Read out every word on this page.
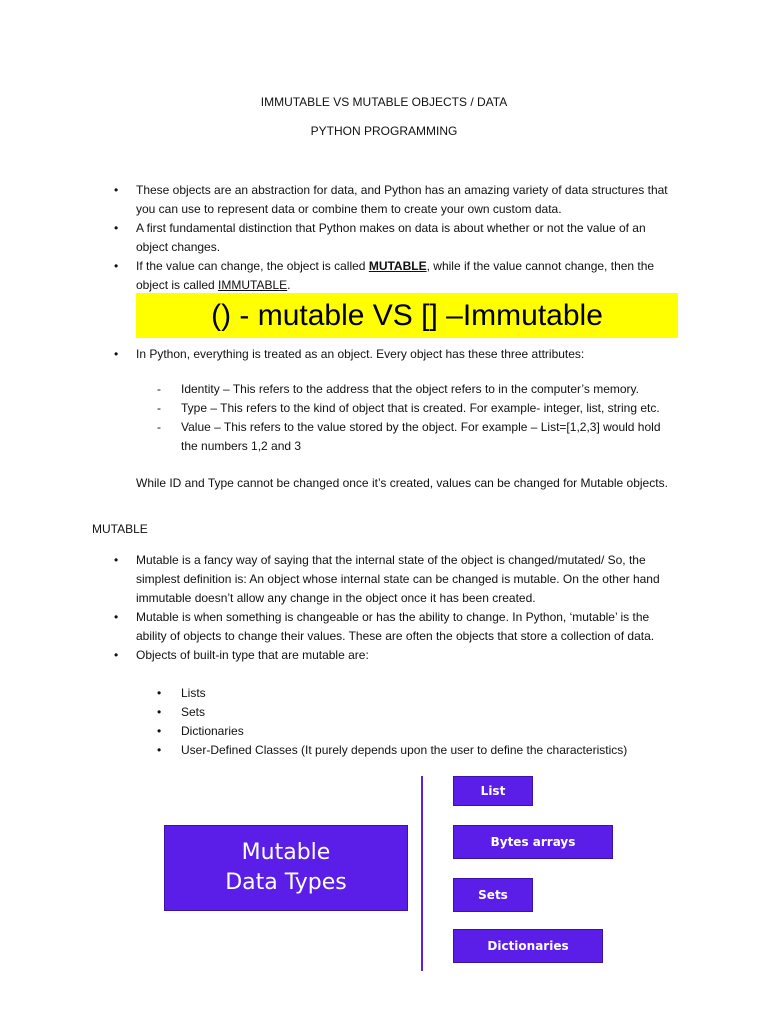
IMMUTABLE VS MUTABLE OBJECTS / DATA
PYTHON PROGRAMMING
• These objects are an abstraction for data, and Python has an amazing variety of data structures that you can use to represent data or combine them to create your own custom data.
• A first fundamental distinction that Python makes on data is about whether or not the value of an object changes.
• If the value can change, the object is called MUTABLE, while if the value cannot change, then the object is called IMMUTABLE.
() - mutable VS [] –Immutable
• In Python, everything is treated as an object. Every object has these three attributes:
- Identity – This refers to the address that the object refers to in the computer’s memory.
- Type – This refers to the kind of object that is created. For example- integer, list, string etc.
- Value – This refers to the value stored by the object. For example – List=[1,2,3] would hold the numbers 1,2 and 3
While ID and Type cannot be changed once it’s created, values can be changed for Mutable objects.
MUTABLE
• Mutable is a fancy way of saying that the internal state of the object is changed/mutated/ So, the simplest definition is: An object whose internal state can be changed is mutable. On the other hand immutable doesn’t allow any change in the object once it has been created.
• Mutable is when something is changeable or has the ability to change. In Python, ‘mutable’ is the ability of objects to change their values. These are often the objects that store a collection of data.
• Objects of built-in type that are mutable are:
• Lists
• Sets
• Dictionaries
• User-Defined Classes (It purely depends upon the user to define the characteristics)
Mutable
Data Types
List
Bytes arrays
Sets
Dictionaries
